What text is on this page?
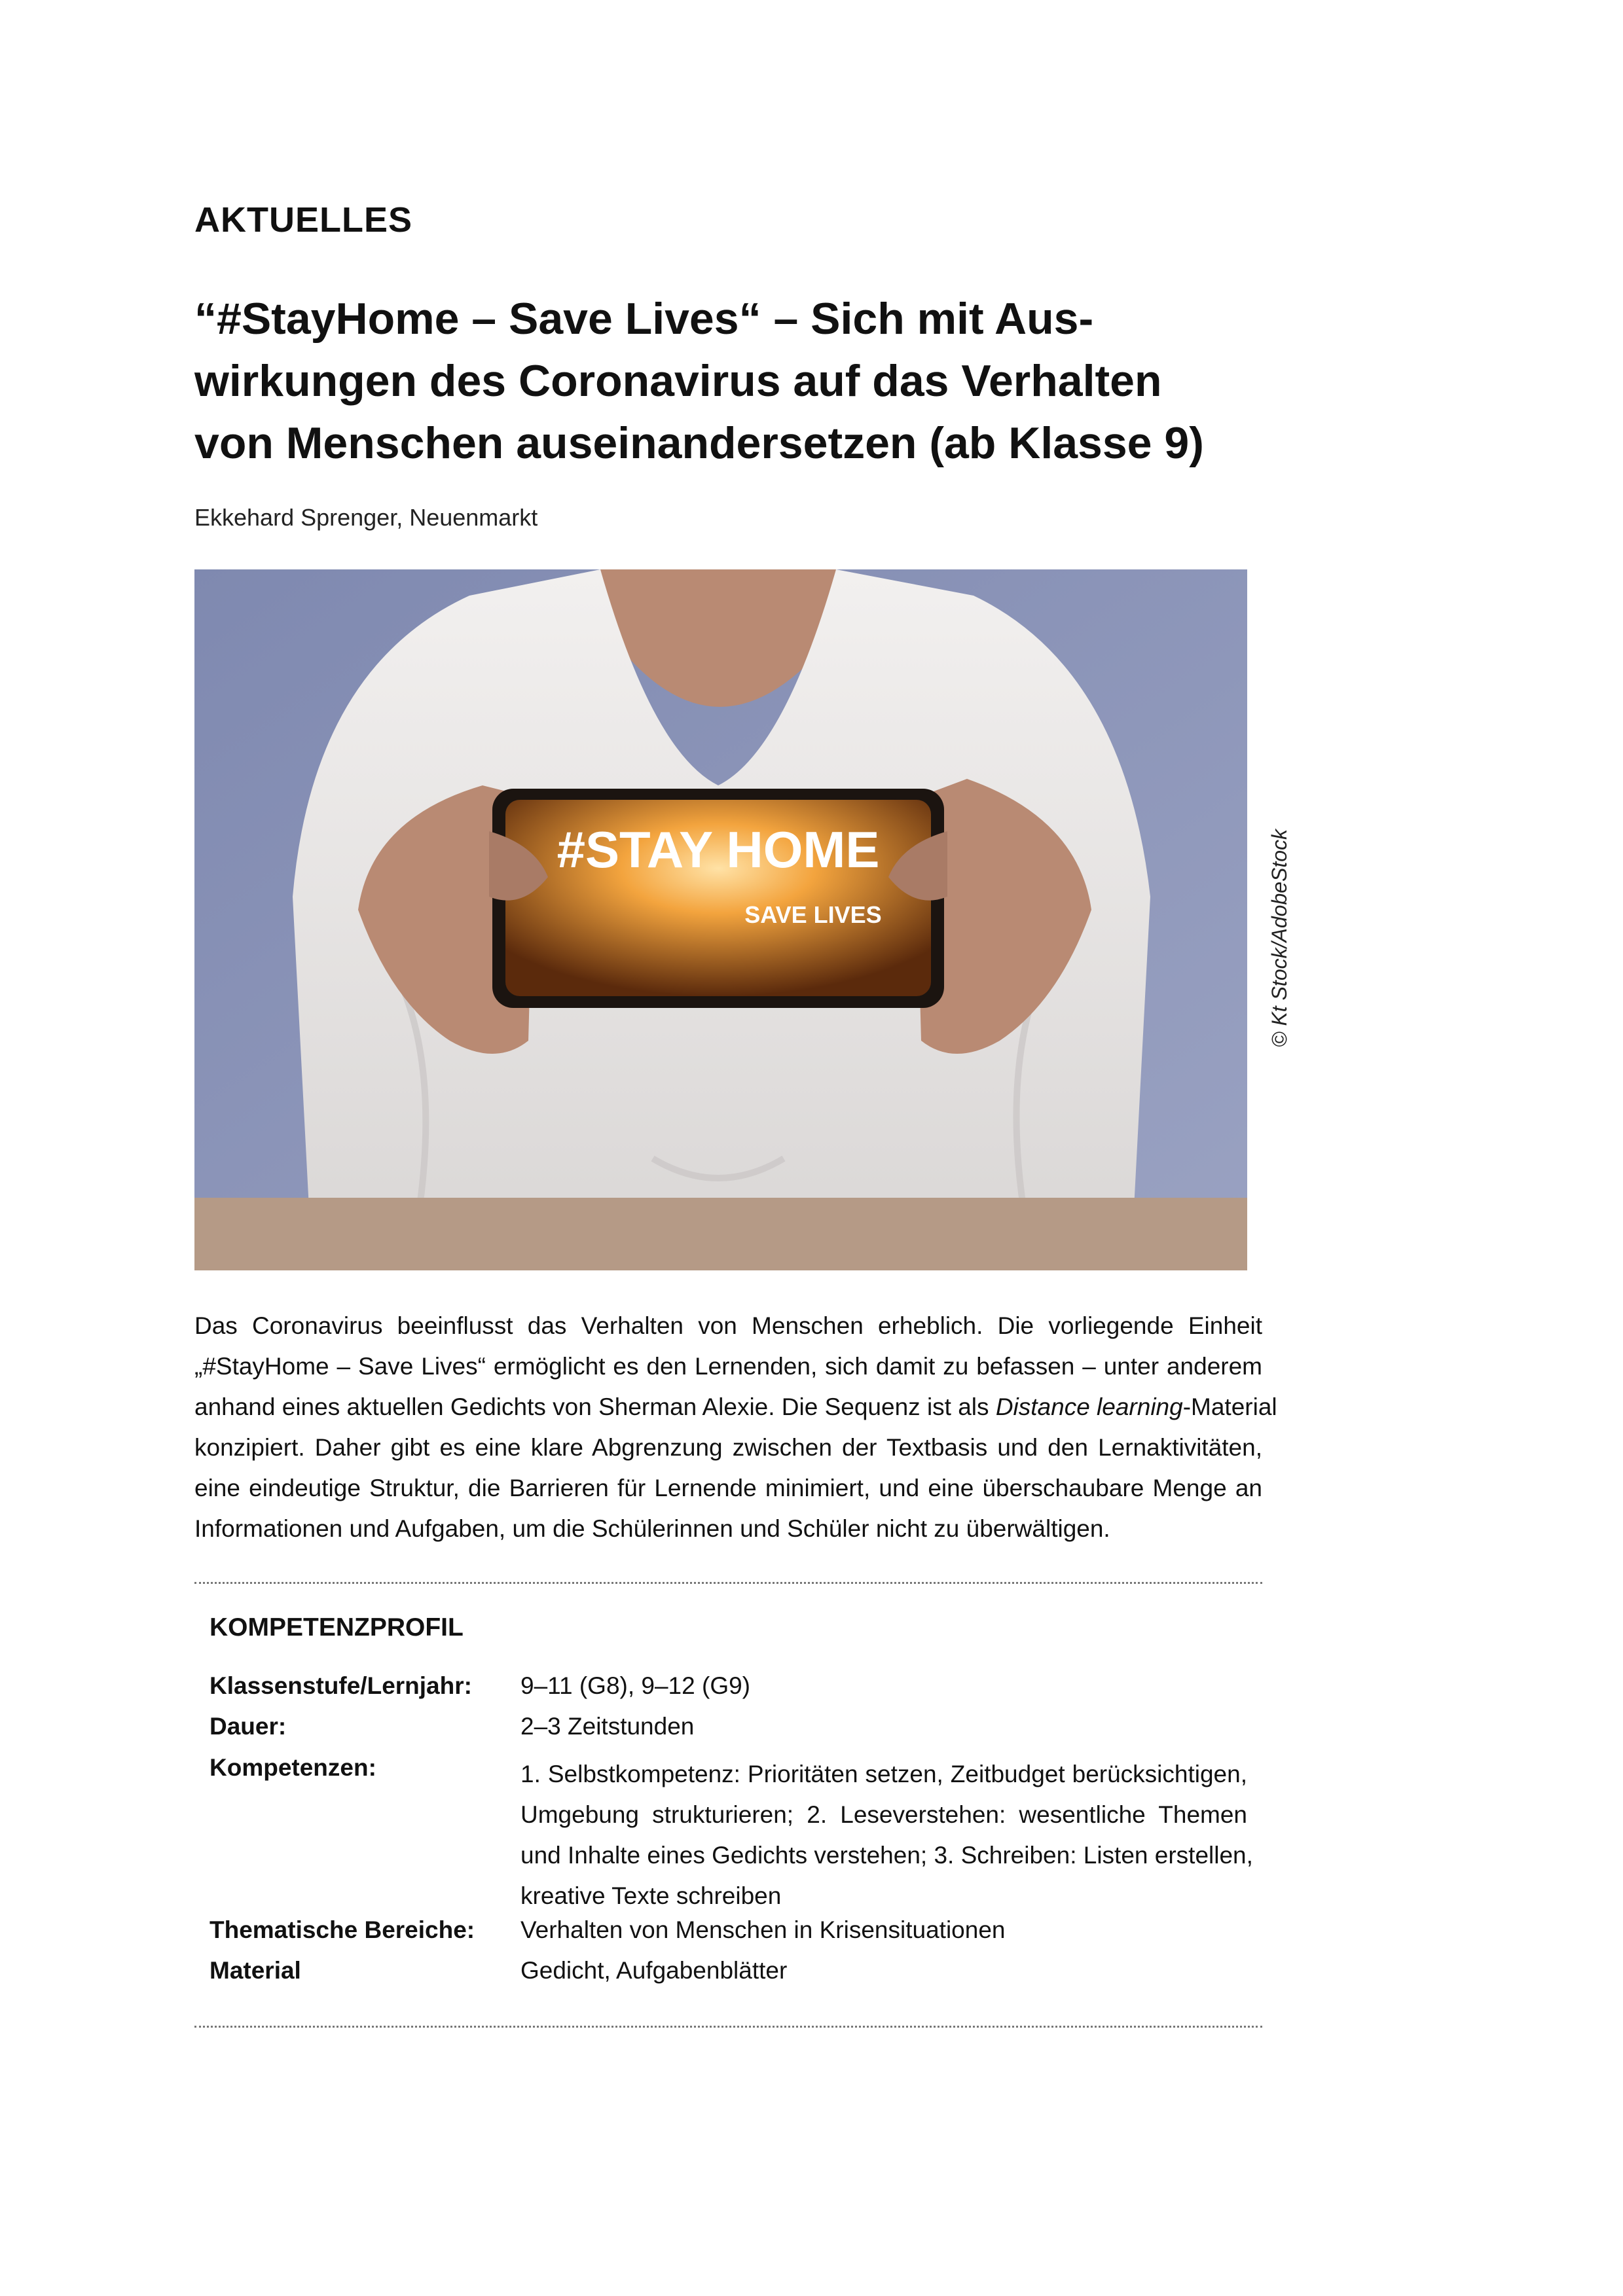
AKTUELLES
“#StayHome – Save Lives“ – Sich mit Aus-
wirkungen des Coronavirus auf das Verhalten
von Menschen auseinandersetzen (ab Klasse 9)
Ekkehard Sprenger, Neuenmarkt
#STAY HOME
SAVE LIVES	© Kt Stock/AdobeStock
Das Coronavirus beeinflusst das Verhalten von Menschen erheblich. Die vorliegende Einheit
„#StayHome – Save Lives“ ermöglicht es den Lernenden, sich damit zu befassen – unter anderem
anhand eines aktuellen Gedichts von Sherman Alexie. Die Sequenz ist als Distance learning-Material
konzipiert. Daher gibt es eine klare Abgrenzung zwischen der Textbasis und den Lernaktivitäten,
eine eindeutige Struktur, die Barrieren für Lernende minimiert, und eine überschaubare Menge an
Informationen und Aufgaben, um die Schülerinnen und Schüler nicht zu überwältigen.
KOMPETENZPROFIL
Klassenstufe/Lernjahr: 9–11 (G8), 9–12 (G9)
Dauer:	2–3 Zeitstunden
Kompetenzen:	1. Selbstkompetenz: Prioritäten setzen, Zeitbudget berücksichtigen,
Umgebung strukturieren; 2. Leseverstehen: wesentliche Themen
und Inhalte eines Gedichts verstehen; 3. Schreiben: Listen erstellen,
kreative Texte schreiben
Thematische Bereiche: Verhalten von Menschen in Krisensituationen
Material	Gedicht, Aufgabenblätter
